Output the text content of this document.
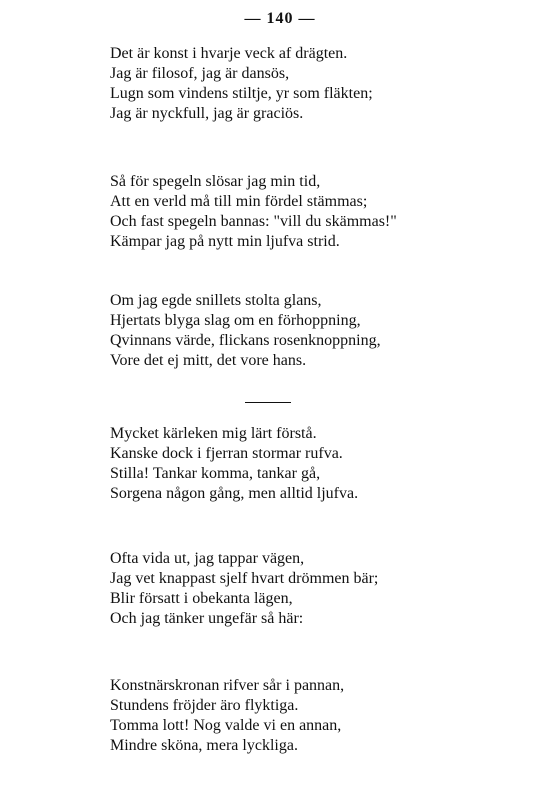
— 140 —
Det är konst i hvarje veck af drägten.
Jag är filosof, jag är dansös,
Lugn som vindens stiltje, yr som fläkten;
Jag är nyckfull, jag är graciös.
Så för spegeln slösar jag min tid,
Att en verld må till min fördel stämmas;
Och fast spegeln bannas: "vill du skämmas!"
Kämpar jag på nytt min ljufva strid.
Om jag egde snillets stolta glans,
Hjertats blyga slag om en förhoppning,
Qvinnans värde, flickans rosenknoppning,
Vore det ej mitt, det vore hans.
Mycket kärleken mig lärt förstå.
Kanske dock i fjerran stormar rufva.
Stilla! Tankar komma, tankar gå,
Sorgena någon gång, men alltid ljufva.
Ofta vida ut, jag tappar vägen,
Jag vet knappast sjelf hvart drömmen bär;
Blir försatt i obekanta lägen,
Och jag tänker ungefär så här:
Konstnärskronan rifver sår i pannan,
Stundens fröjder äro flyktiga.
Tomma lott! Nog valde vi en annan,
Mindre sköna, mera lyckliga.
